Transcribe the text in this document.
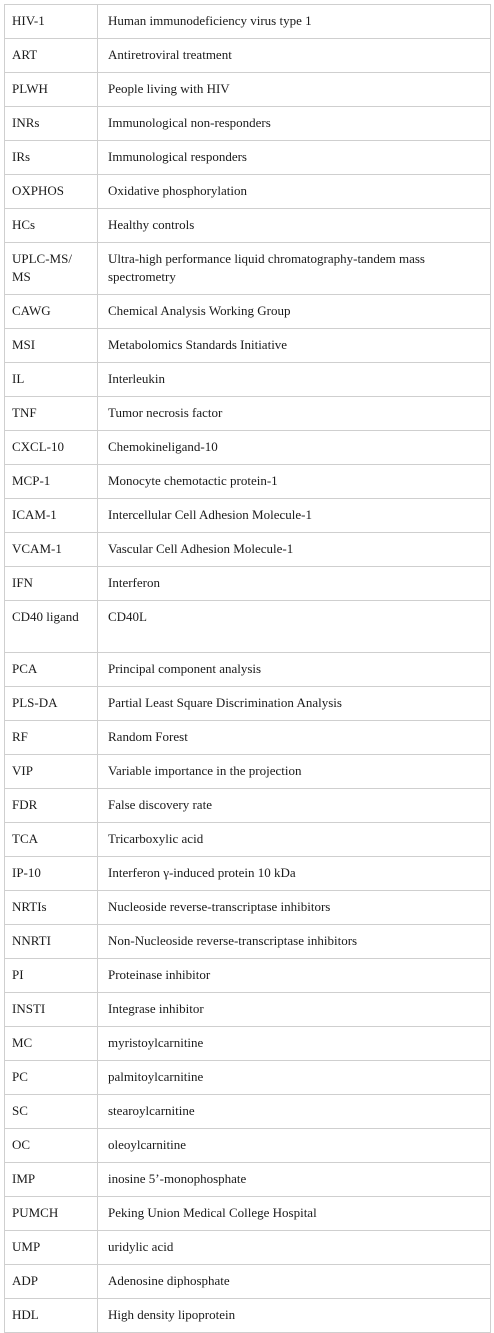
HIV-1	Human immunodeficiency virus type 1
ART	Antiretroviral treatment
PLWH	People living with HIV
INRs	Immunological non-responders
IRs	Immunological responders
OXPHOS	Oxidative phosphorylation
HCs	Healthy controls
UPLC-MS/ MS	Ultra-high performance liquid chromatography-tandem mass spectrometry
CAWG	Chemical Analysis Working Group
MSI	Metabolomics Standards Initiative
IL	Interleukin
TNF	Tumor necrosis factor
CXCL-10	Chemokineligand-10
MCP-1	Monocyte chemotactic protein-1
ICAM-1	Intercellular Cell Adhesion Molecule-1
VCAM-1	Vascular Cell Adhesion Molecule-1
IFN	Interferon
CD40 ligand	CD40L
PCA	Principal component analysis
PLS-DA	Partial Least Square Discrimination Analysis
RF	Random Forest
VIP	Variable importance in the projection
FDR	False discovery rate
TCA	Tricarboxylic acid
IP-10	Interferon γ-induced protein 10 kDa
NRTIs	Nucleoside reverse-transcriptase inhibitors
NNRTI	Non-Nucleoside reverse-transcriptase inhibitors
PI	Proteinase inhibitor
INSTI	Integrase inhibitor
MC	myristoylcarnitine
PC	palmitoylcarnitine
SC	stearoylcarnitine
OC	oleoylcarnitine
IMP	inosine 5’-monophosphate
PUMCH	Peking Union Medical College Hospital
UMP	uridylic acid
ADP	Adenosine diphosphate
HDL	High density lipoprotein
